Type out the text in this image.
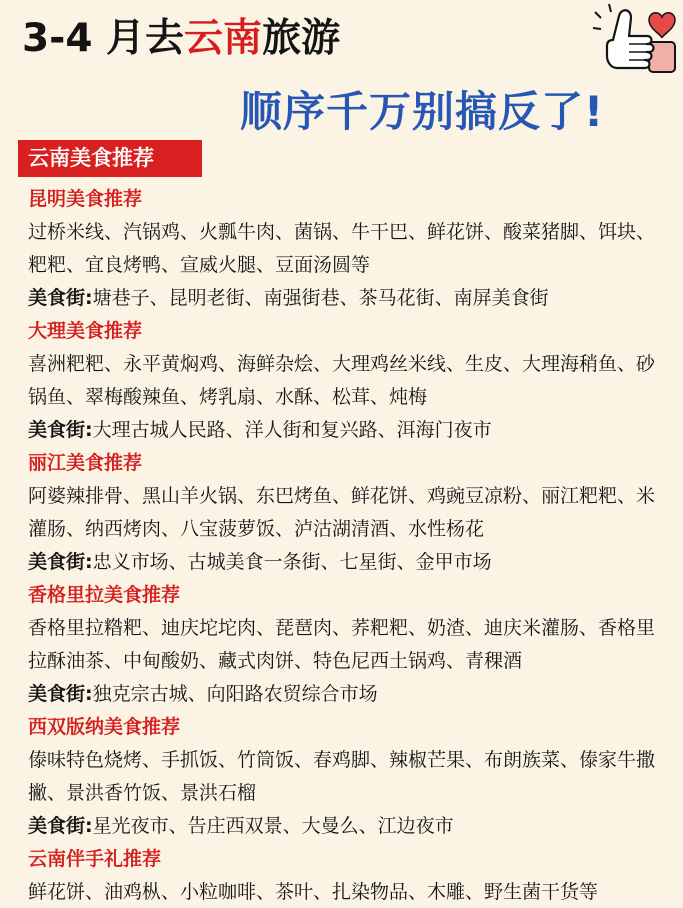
3-4 月去云南旅游
顺序千万别搞反了!
云南美食推荐
昆明美食推荐
过桥米线、汽锅鸡、火瓢牛肉、菌锅、牛干巴、鲜花饼、酸菜猪脚、饵块、粑粑、宜良烤鸭、宣威火腿、豆面汤圆等
美食街:塘巷子、昆明老街、南强街巷、茶马花街、南屏美食街
大理美食推荐
喜洲粑粑、永平黄焖鸡、海鲜杂烩、大理鸡丝米线、生皮、大理海稍鱼、砂锅鱼、翠梅酸辣鱼、烤乳扇、水酥、松茸、炖梅
美食街:大理古城人民路、洋人街和复兴路、洱海门夜市
丽江美食推荐
阿婆辣排骨、黑山羊火锅、东巴烤鱼、鲜花饼、鸡豌豆凉粉、丽江粑粑、米灌肠、纳西烤肉、八宝菠萝饭、泸沽湖清酒、水性杨花
美食街:忠义市场、古城美食一条街、七星街、金甲市场
香格里拉美食推荐
香格里拉糌粑、迪庆坨坨肉、琵琶肉、荞粑粑、奶渣、迪庆米灌肠、香格里拉酥油茶、中甸酸奶、藏式肉饼、特色尼西土锅鸡、青稞酒
美食街:独克宗古城、向阳路农贸综合市场
西双版纳美食推荐
傣味特色烧烤、手抓饭、竹筒饭、春鸡脚、辣椒芒果、布朗族菜、傣家牛撒撇、景洪香竹饭、景洪石榴
美食街:星光夜市、告庄西双景、大曼么、江边夜市
云南伴手礼推荐
鲜花饼、油鸡枞、小粒咖啡、茶叶、扎染物品、木雕、野生菌干货等
